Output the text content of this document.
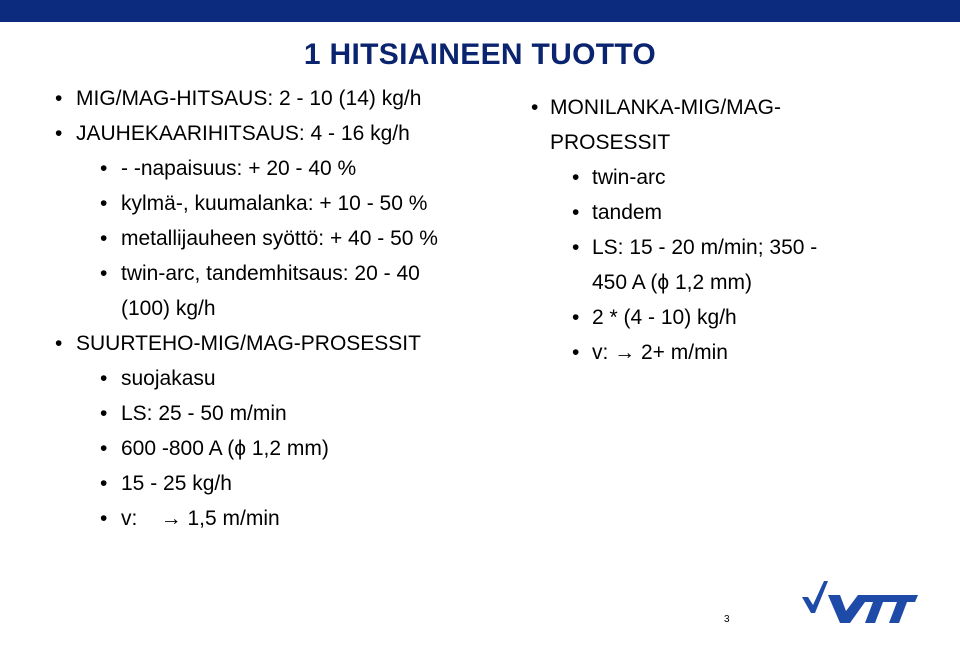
1 HITSIAINEEN TUOTTO
• MIG/MAG-HITSAUS: 2 - 10 (14) kg/h
• JAUHEKAARIHITSAUS: 4 - 16 kg/h
• - -napaisuus: + 20 - 40 %
• kylmä-, kuumalanka: + 10 - 50 %
• metallijauheen syöttö: + 40 - 50 %
• twin-arc, tandemhitsaus: 20 - 40
(100) kg/h
• SUURTEHO-MIG/MAG-PROSESSIT
• suojakasu
• LS: 25 - 50 m/min
• 600 -800 A (ϕ 1,2 mm)
• 15 - 25 kg/h
• v:    → 1,5 m/min
• MONILANKA-MIG/MAG-
PROSESSIT
• twin-arc
• tandem
• LS: 15 - 20 m/min; 350 -
450 A (ϕ 1,2 mm)
• 2 * (4 - 10) kg/h
• v: → 2+ m/min
3
